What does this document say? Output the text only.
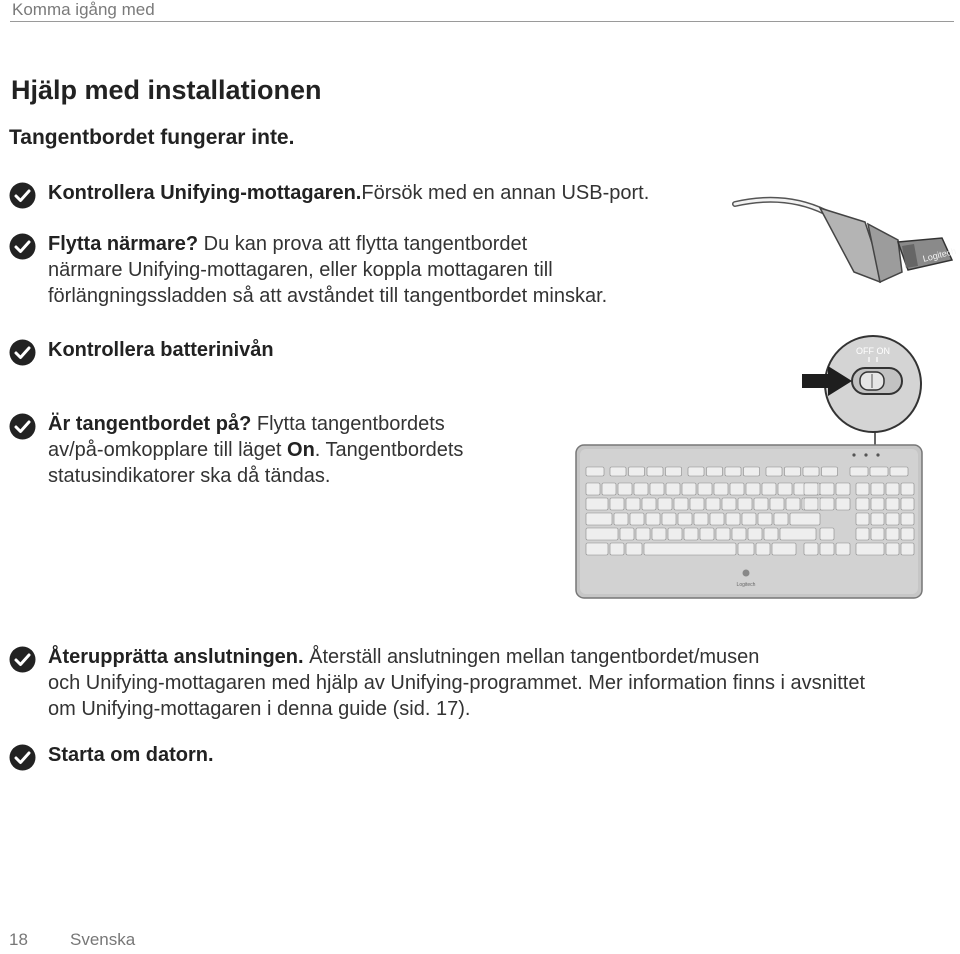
Komma igång med
Hjälp med installationen
Tangentbordet fungerar inte.
Kontrollera Unifying-mottagaren.Försök med en annan USB-port.
Flytta närmare? Du kan prova att flytta tangentbordet
närmare Unifying-mottagaren, eller koppla mottagaren till
förlängningssladden så att avståndet till tangentbordet minskar.
Kontrollera batterinivån
Är tangentbordet på? Flytta tangentbordets
av/på-omkopplare till läget On. Tangentbordets
statusindikatorer ska då tändas.
Återupprätta anslutningen. Återställ anslutningen mellan tangentbordet/musen
och Unifying-mottagaren med hjälp av Unifying-programmet. Mer information finns i avsnittet
om Unifying-mottagaren i denna guide (sid. 17).
Starta om datorn.
Logitech
OFF ON
Logitech
18 Svenska
